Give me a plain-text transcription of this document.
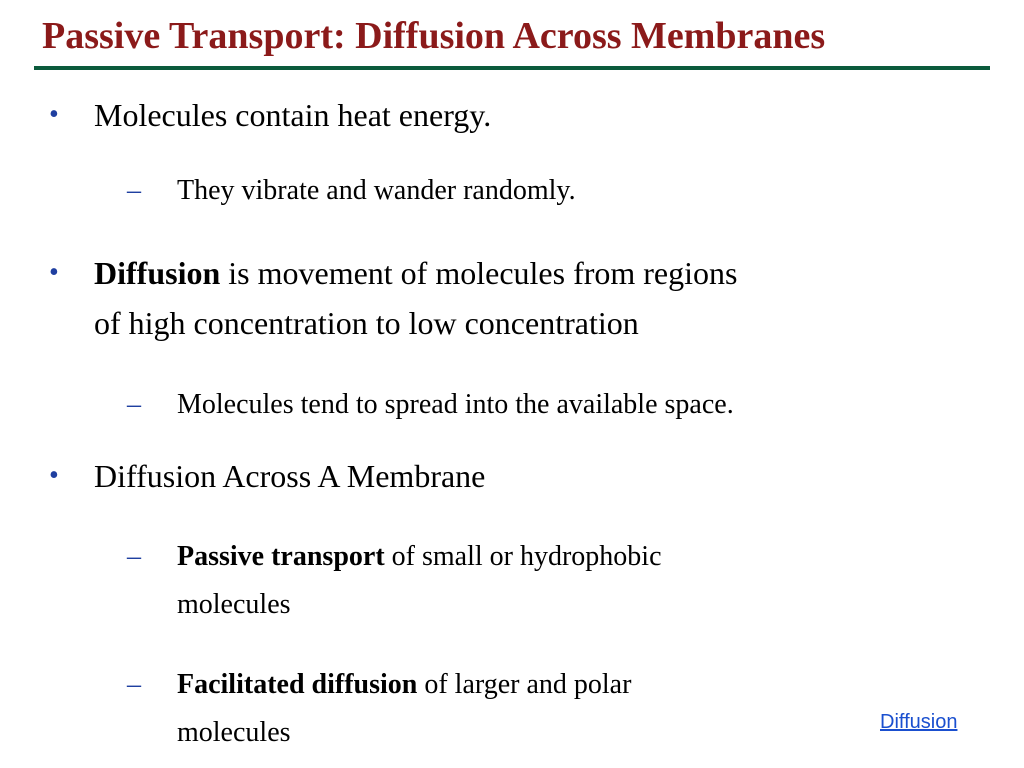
Passive Transport: Diffusion Across Membranes
• Molecules contain heat energy.
– They vibrate and wander randomly.
• Diffusion is movement of molecules from regions
of high concentration to low concentration
– Molecules tend to spread into the available space.
• Diffusion Across A Membrane
– Passive transport of small or hydrophobic
molecules
– Facilitated diffusion of larger and polar
molecules	Diffusion
